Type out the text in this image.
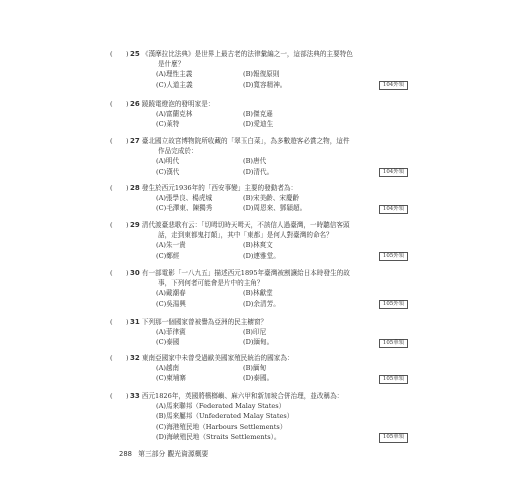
25 《漢摩拉比法典》是世界上最古老的法律彙編之一，這部法典的主要特色
是什麼？
(A)理性主義	(B)報復原則
(C)人道主義	(D)寬容精神。	104外領
26 蹺蹺電燈泡的發明家是：
(A)富蘭克林	(B)傑克遜
(C)萊特	(D)愛迪生
27 臺北國立故宮博物院所收藏的「翠玉白菜」，為多數遊客必賞之物，這件
作品完成於：
(A)明代	(B)唐代
(C)漢代	(D)清代。	104外領
28 發生於西元1936年的「西安事變」主要的發動者為：
(A)張學良、楊虎城	(B)宋美齡、宋慶齡
(C)毛澤東、陳獨秀	(D)周恩來、鄧穎超。	104外領
29 清代渡臺悲歌有云：「切呣切時天呣天，不該信人過臺灣，一時聽信客頭
話，走到東都鬼打顛」，其中「東都」是何人對臺灣的命名？
(A)朱一貴	(B)林爽文
(C)鄭經	(D)連雅堂。	105外領
30 有一部電影「一八九五」描述西元1895年臺灣被割讓給日本時發生的故
事，下列何者可能會是片中的主角？
(A)戴潮春	(B)林獻堂
(C)吳湯興	(D)余清芳。	105外領
31 下列那一個國家曾被譽為亞洲的民主櫥窗？
(A)菲律賓	(B)印尼
(C)泰國	(D)緬甸。	105華領
32 東南亞國家中未曾受過歐美國家殖民統治的國家為：
(A)越南	(B)緬甸
(C)柬埔寨	(D)泰國。	105華領
33 西元1826年，英國將檳榔嶼、麻六甲和新加坡合併治理，並改稱為：
(A)馬來聯邦（Federated Malay States）
(B)馬來屬邦（Unfederated Malay States）
(C)海港殖民地（Harbours Settlements）
(D)海峽殖民地（Straits Settlements）。	105華領
288 第三部分 觀光資源概要
